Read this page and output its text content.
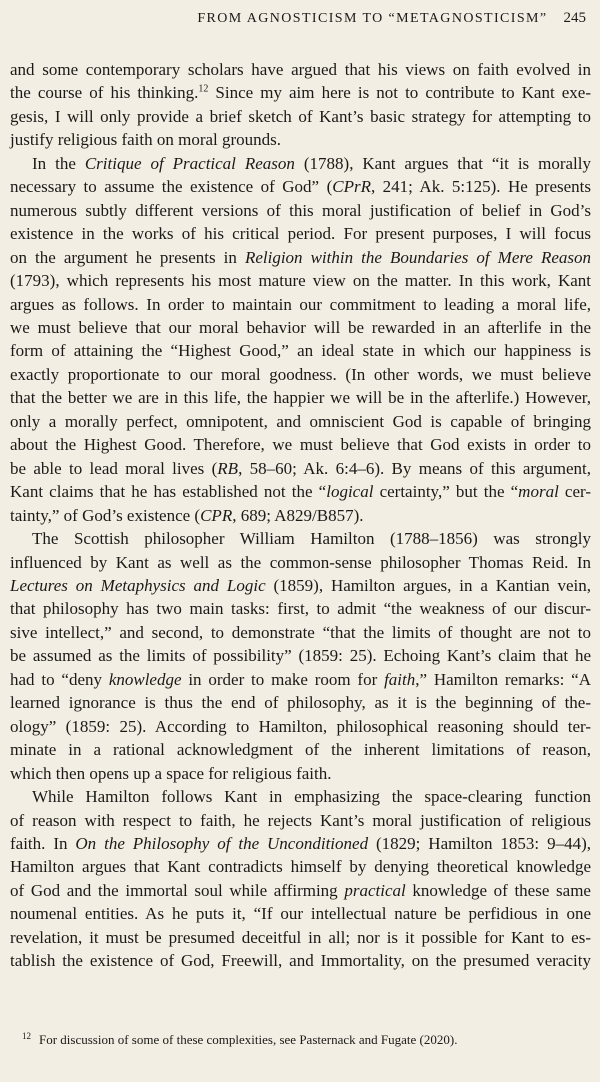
FROM AGNOSTICISM TO “METAGNOSTICISM” 245
and some contemporary scholars have argued that his views on faith evolved in
the course of his thinking.$^{12}$ Since my aim here is not to contribute to Kant exe-
gesis, I will only provide a brief sketch of Kant’s basic strategy for attempting to
justify religious faith on moral grounds.
In the Critique of Practical Reason (1788), Kant argues that “it is morally
necessary to assume the existence of God” (CPrR, 241; Ak. 5:125). He presents
numerous subtly different versions of this moral justification of belief in God’s
existence in the works of his critical period. For present purposes, I will focus
on the argument he presents in Religion within the Boundaries of Mere Reason
(1793), which represents his most mature view on the matter. In this work, Kant
argues as follows. In order to maintain our commitment to leading a moral life,
we must believe that our moral behavior will be rewarded in an afterlife in the
form of attaining the “Highest Good,” an ideal state in which our happiness is
exactly proportionate to our moral goodness. (In other words, we must believe
that the better we are in this life, the happier we will be in the afterlife.) However,
only a morally perfect, omnipotent, and omniscient God is capable of bringing
about the Highest Good. Therefore, we must believe that God exists in order to
be able to lead moral lives (RB, 58–60; Ak. 6:4–6). By means of this argument,
Kant claims that he has established not the “logical certainty,” but the “moral cer-
tainty,” of God’s existence (CPR, 689; A829/B857).
The Scottish philosopher William Hamilton (1788–1856) was strongly
influenced by Kant as well as the common-sense philosopher Thomas Reid. In
Lectures on Metaphysics and Logic (1859), Hamilton argues, in a Kantian vein,
that philosophy has two main tasks: first, to admit “the weakness of our discur-
sive intellect,” and second, to demonstrate “that the limits of thought are not to
be assumed as the limits of possibility” (1859: 25). Echoing Kant’s claim that he
had to “deny knowledge in order to make room for faith,” Hamilton remarks: “A
learned ignorance is thus the end of philosophy, as it is the beginning of the-
ology” (1859: 25). According to Hamilton, philosophical reasoning should ter-
minate in a rational acknowledgment of the inherent limitations of reason,
which then opens up a space for religious faith.
While Hamilton follows Kant in emphasizing the space-clearing function
of reason with respect to faith, he rejects Kant’s moral justification of religious
faith. In On the Philosophy of the Unconditioned (1829; Hamilton 1853: 9–44),
Hamilton argues that Kant contradicts himself by denying theoretical knowledge
of God and the immortal soul while affirming practical knowledge of these same
noumenal entities. As he puts it, “If our intellectual nature be perfidious in one
revelation, it must be presumed deceitful in all; nor is it possible for Kant to es-
tablish the existence of God, Freewill, and Immortality, on the presumed veracity
$^{12}$ For discussion of some of these complexities, see Pasternack and Fugate (2020).
